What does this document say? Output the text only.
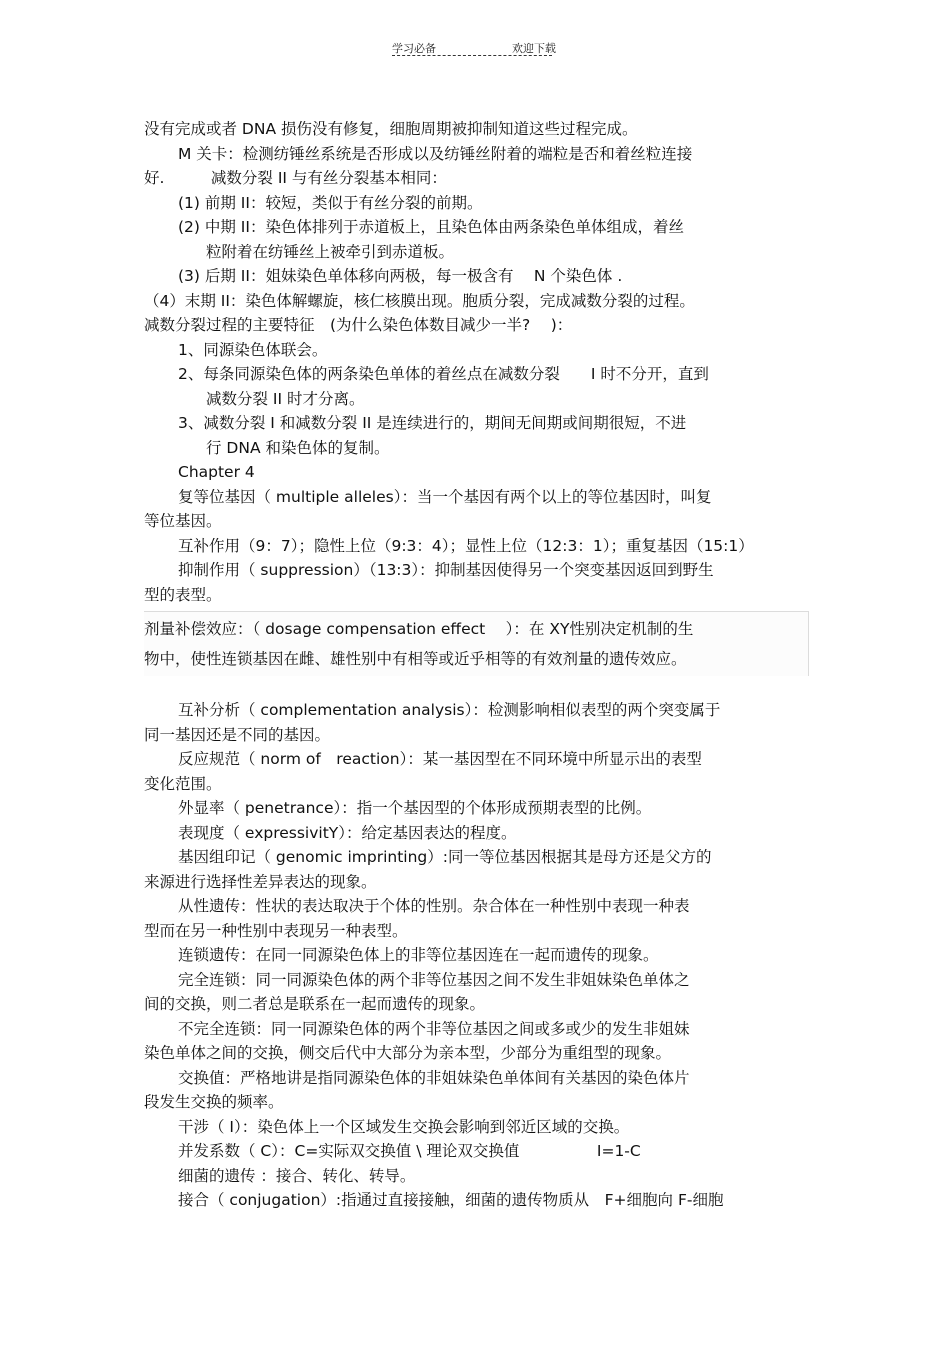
学习必备	欢迎下载
没有完成或者 DNA 损伤没有修复，细胞周期被抑制知道这些过程完成。
M 关卡：检测纺锤丝系统是否形成以及纺锤丝附着的端粒是否和着丝粒连接
好.　　　减数分裂 II 与有丝分裂基本相同：
(1) 前期 II：较短，类似于有丝分裂的前期。
(2) 中期 II：染色体排列于赤道板上，且染色体由两条染色单体组成，着丝
粒附着在纺锤丝上被牵引到赤道板。
(3) 后期 II：姐妹染色单体移向两极，每一极含有　 N 个染色体 .
（4）末期 II：染色体解螺旋，核仁核膜出现。胞质分裂，完成减数分裂的过程。
减数分裂过程的主要特征　(为什么染色体数目减少一半?　 )：
1、同源染色体联会。
2、每条同源染色体的两条染色单体的着丝点在减数分裂　　I 时不分开，直到
减数分裂 II 时才分离。
3、减数分裂 I 和减数分裂 II 是连续进行的，期间无间期或间期很短，不进
行 DNA 和染色体的复制。
Chapter 4
复等位基因（ multiple alleles）：当一个基因有两个以上的等位基因时，叫复
等位基因。
互补作用（9：7）；隐性上位（9:3：4）；显性上位（12:3：1）；重复基因（15:1）
抑制作用（ suppression）（13:3）：抑制基因使得另一个突变基因返回到野生
型的表型。
剂量补偿效应：（ dosage compensation effect　 ）：在 XY性别决定机制的生
物中，使性连锁基因在雌、雄性别中有相等或近乎相等的有效剂量的遗传效应。
互补分析（ complementation analysis）：检测影响相似表型的两个突变属于
同一基因还是不同的基因。
反应规范（ norm of　reaction）：某一基因型在不同环境中所显示出的表型
变化范围。
外显率（ penetrance）：指一个基因型的个体形成预期表型的比例。
表现度（ expressivitY）：给定基因表达的程度。
基因组印记（ genomic imprinting）:同一等位基因根据其是母方还是父方的
来源进行选择性差异表达的现象。
从性遗传：性状的表达取决于个体的性别。杂合体在一种性别中表现一种表
型而在另一种性别中表现另一种表型。
连锁遗传：在同一同源染色体上的非等位基因连在一起而遗传的现象。
完全连锁：同一同源染色体的两个非等位基因之间不发生非姐妹染色单体之
间的交换，则二者总是联系在一起而遗传的现象。
不完全连锁：同一同源染色体的两个非等位基因之间或多或少的发生非姐妹
染色单体之间的交换，侧交后代中大部分为亲本型，少部分为重组型的现象。
交换值：严格地讲是指同源染色体的非姐妹染色单体间有关基因的染色体片
段发生交换的频率。
干涉（ I）：染色体上一个区域发生交换会影响到邻近区域的交换。
并发系数（ C）：C=实际双交换值 \ 理论双交换值　　　　　I=1-C
细菌的遗传 ：接合、转化、转导。
接合（ conjugation）:指通过直接接触，细菌的遗传物质从　F+细胞向 F-细胞
